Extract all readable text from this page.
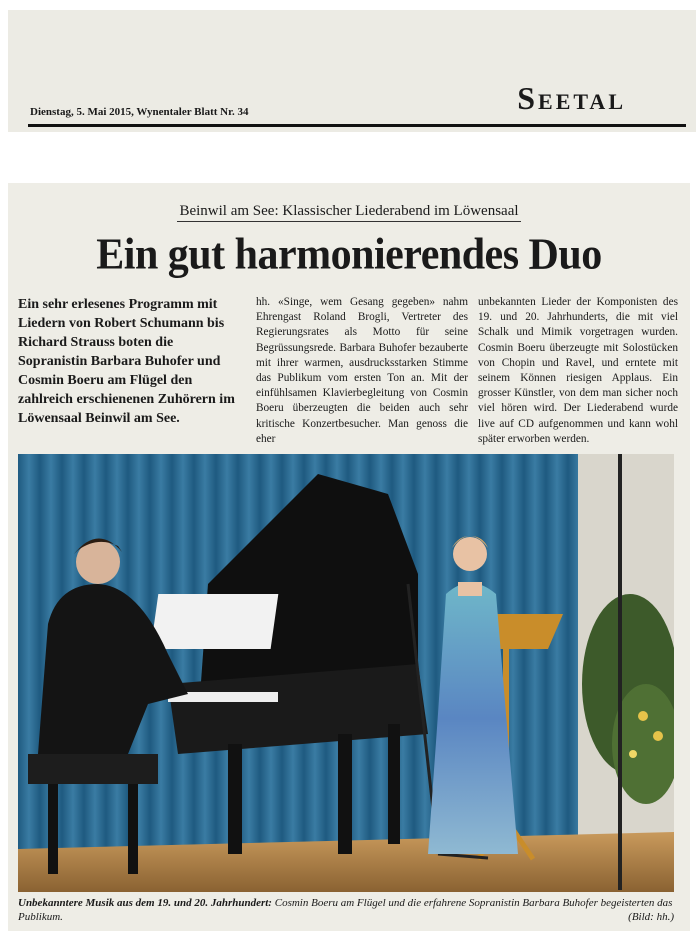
Dienstag, 5. Mai 2015, Wynentaler Blatt Nr. 34	Seetal
Beinwil am See: Klassischer Liederabend im Löwensaal
Ein gut harmonierendes Duo
Ein sehr erlesenes Programm mit Liedern von Robert Schumann bis Richard Strauss boten die Sopranistin Barbara Buhofer und Cosmin Boeru am Flügel den zahlreich erschienenen Zuhörern im Löwensaal Beinwil am See.
hh. «Singe, wem Gesang gegeben» nahm Ehrengast Roland Brogli, Vertreter des Regierungsrates als Motto für seine Begrüssungsrede. Barbara Buhofer bezauberte mit ihrer warmen, ausdrucksstarken Stimme das Publikum vom ersten Ton an. Mit der einfühlsamen Klavierbegleitung von Cosmin Boeru überzeugten die beiden auch sehr kritische Konzertbesucher. Man genoss die eher
unbekannten Lieder der Komponisten des 19. und 20. Jahrhunderts, die mit viel Schalk und Mimik vorgetragen wurden. Cosmin Boeru überzeugte mit Solostücken von Chopin und Ravel, und erntete mit seinem Können riesigen Applaus. Ein grosser Künstler, von dem man sicher noch viel hören wird. Der Liederabend wurde live auf CD aufgenommen und kann wohl später erworben werden.
Unbekanntere Musik aus dem 19. und 20. Jahrhundert: Cosmin Boeru am Flügel und die erfahrene Sopranistin Barbara Buhofer begeisterten das Publikum.	(Bild: hh.)
